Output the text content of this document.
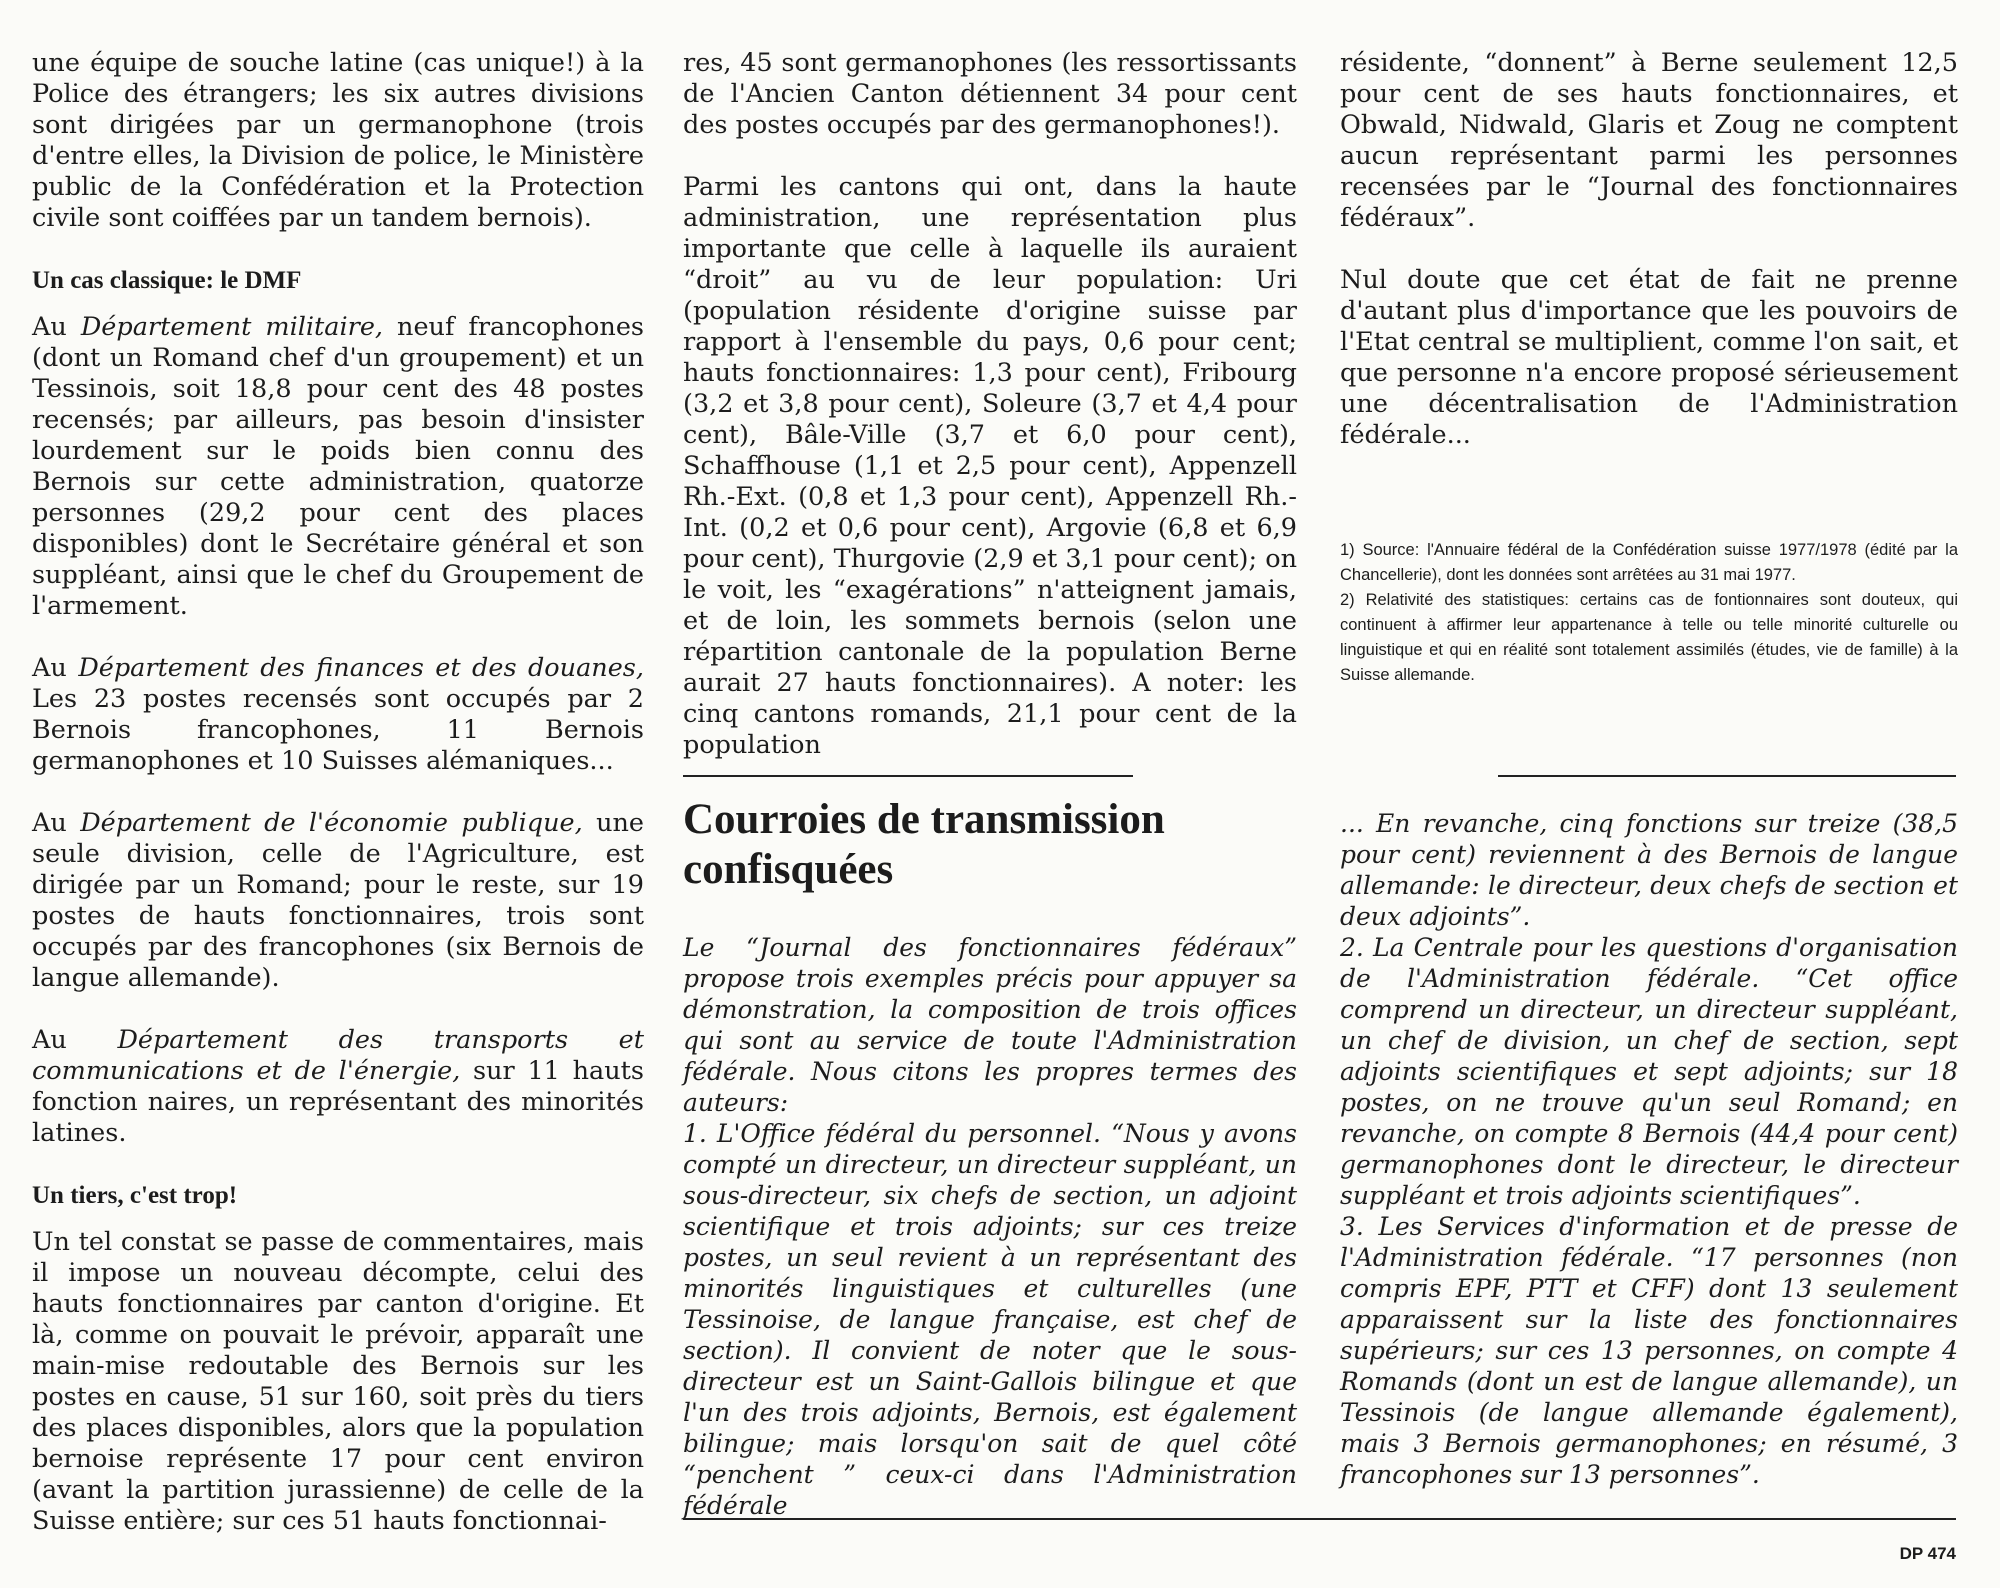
une équipe de souche latine (cas unique!) à la Police des étrangers; les six autres divisions sont dirigées par un germanophone (trois d'entre elles, la Division de police, le Ministère public de la Confédération et la Protection civile sont coiffées par un tandem bernois).

Un cas classique: le DMF

Au Département militaire, neuf francophones (dont un Romand chef d'un groupement) et un Tessinois, soit 18,8 pour cent des 48 postes recensés; par ailleurs, pas besoin d'insister lourdement sur le poids bien connu des Bernois sur cette administration, quatorze personnes (29,2 pour cent des places disponibles) dont le Secrétaire général et son suppléant, ainsi que le chef du Groupement de l'armement.

Au Département des finances et des douanes, Les 23 postes recensés sont occupés par 2 Bernois francophones, 11 Bernois germanophones et 10 Suisses alémaniques...

Au Département de l'économie publique, une seule division, celle de l'Agriculture, est dirigée par un Romand; pour le reste, sur 19 postes de hauts fonctionnaires, trois sont occupés par des francophones (six Bernois de langue allemande).

Au Département des transports et communications et de l'énergie, sur 11 hauts fonction naires, un représentant des minorités latines.

Un tiers, c'est trop!

Un tel constat se passe de commentaires, mais il impose un nouveau décompte, celui des hauts fonctionnaires par canton d'origine. Et là, comme on pouvait le prévoir, apparaît une main-mise redoutable des Bernois sur les postes en cause, 51 sur 160, soit près du tiers des places disponibles, alors que la population bernoise représente 17 pour cent environ (avant la partition jurassienne) de celle de la Suisse entière; sur ces 51 hauts fonctionnai-

res, 45 sont germanophones (les ressortissants de l'Ancien Canton détiennent 34 pour cent des postes occupés par des germanophones!).

Parmi les cantons qui ont, dans la haute administration, une représentation plus importante que celle à laquelle ils auraient “droit” au vu de leur population: Uri (population résidente d'origine suisse par rapport à l'ensemble du pays, 0,6 pour cent; hauts fonctionnaires: 1,3 pour cent), Fribourg (3,2 et 3,8 pour cent), Soleure (3,7 et 4,4 pour cent), Bâle-Ville (3,7 et 6,0 pour cent), Schaffhouse (1,1 et 2,5 pour cent), Appenzell Rh.-Ext. (0,8 et 1,3 pour cent), Appenzell Rh.-Int. (0,2 et 0,6 pour cent), Argovie (6,8 et 6,9 pour cent), Thurgovie (2,9 et 3,1 pour cent); on le voit, les “exagérations” n'atteignent jamais, et de loin, les sommets bernois (selon une répartition cantonale de la population Berne aurait 27 hauts fonctionnaires). A noter: les cinq cantons romands, 21,1 pour cent de la population

résidente, “donnent” à Berne seulement 12,5 pour cent de ses hauts fonctionnaires, et Obwald, Nidwald, Glaris et Zoug ne comptent aucun représentant parmi les personnes recensées par le “Journal des fonctionnaires fédéraux”.

Nul doute que cet état de fait ne prenne d'autant plus d'importance que les pouvoirs de l'Etat central se multiplient, comme l'on sait, et que personne n'a encore proposé sérieusement une décentralisation de l'Administration fédérale...

1) Source: l'Annuaire fédéral de la Confédération suisse 1977/1978 (édité par la Chancellerie), dont les données sont arrêtées au 31 mai 1977.

2) Relativité des statistiques: certains cas de fontionnaires sont douteux, qui continuent à affirmer leur appartenance à telle ou telle minorité culturelle ou linguistique et qui en réalité sont totalement assimilés (études, vie de famille) à la Suisse allemande.

Courroies de transmission confisquées

Le “Journal des fonctionnaires fédéraux” propose trois exemples précis pour appuyer sa démonstration, la composition de trois offices qui sont au service de toute l'Administration fédérale. Nous citons les propres termes des auteurs:

1. L'Office fédéral du personnel. “Nous y avons compté un directeur, un directeur suppléant, un sous-directeur, six chefs de section, un adjoint scientifique et trois adjoints; sur ces treize postes, un seul revient à un représentant des minorités linguistiques et culturelles (une Tessinoise, de langue française, est chef de section). Il convient de noter que le sous-directeur est un Saint-Gallois bilingue et que l'un des trois adjoints, Bernois, est également bilingue; mais lorsqu'on sait de quel côté “penchent ” ceux-ci dans l'Administration fédérale

... En revanche, cinq fonctions sur treize (38,5 pour cent) reviennent à des Bernois de langue allemande: le directeur, deux chefs de section et deux adjoints”.

2. La Centrale pour les questions d'organisation de l'Administration fédérale. “Cet office comprend un directeur, un directeur suppléant, un chef de division, un chef de section, sept adjoints scientifiques et sept adjoints; sur 18 postes, on ne trouve qu'un seul Romand; en revanche, on compte 8 Bernois (44,4 pour cent) germanophones dont le directeur, le directeur suppléant et trois adjoints scientifiques”.

3. Les Services d'information et de presse de l'Administration fédérale. “17 personnes (non compris EPF, PTT et CFF) dont 13 seulement apparaissent sur la liste des fonctionnaires supérieurs; sur ces 13 personnes, on compte 4 Romands (dont un est de langue allemande), un Tessinois (de langue allemande également), mais 3 Bernois germanophones; en résumé, 3 francophones sur 13 personnes”.

DP 474
